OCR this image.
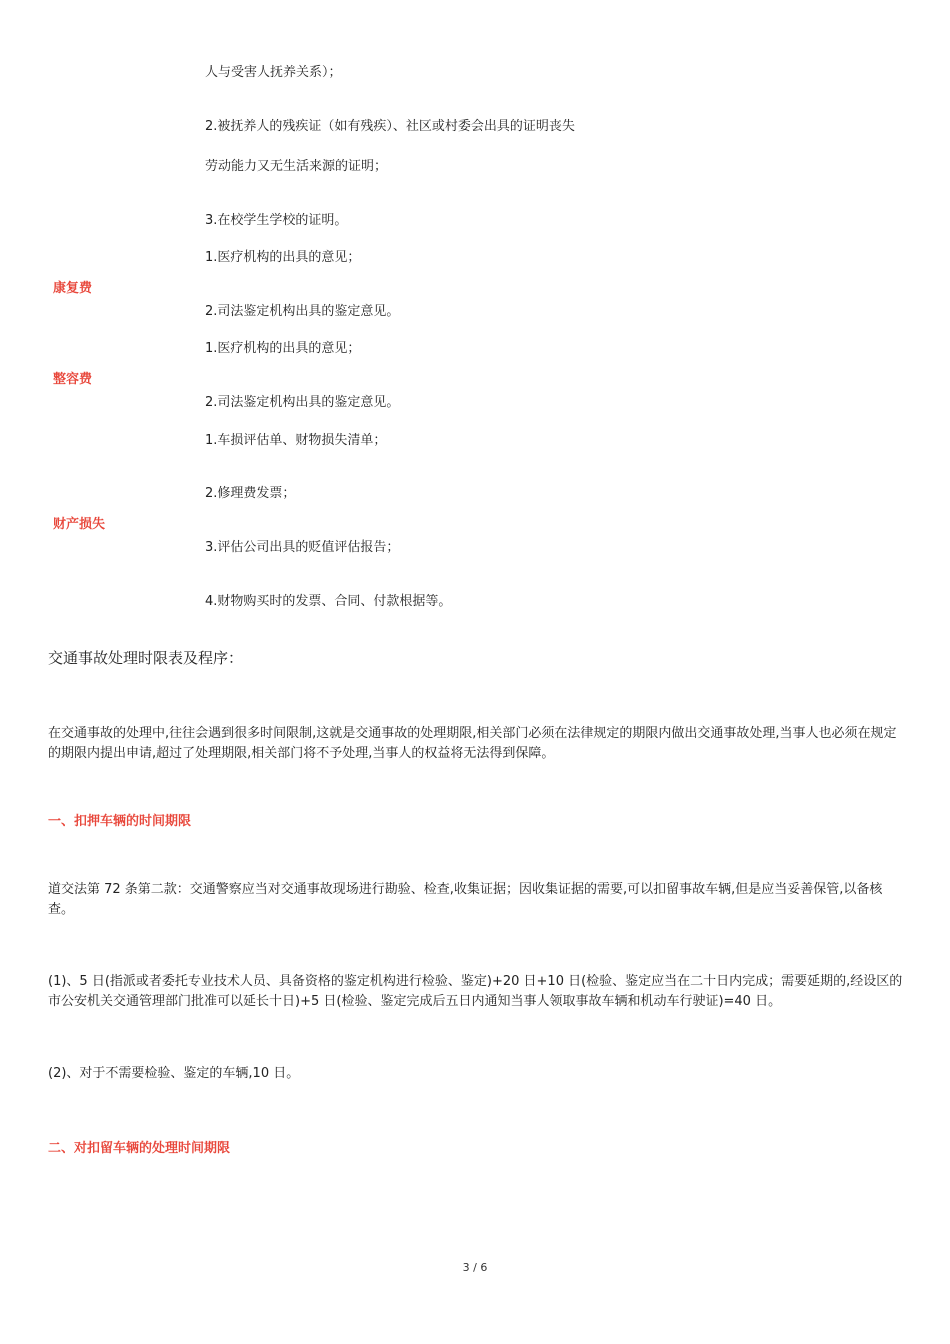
人与受害人抚养关系）；
2.被抚养人的残疾证（如有残疾）、社区或村委会出具的证明丧失
劳动能力又无生活来源的证明；
3.在校学生学校的证明。
1.医疗机构的出具的意见；
康复费
2.司法鉴定机构出具的鉴定意见。
1.医疗机构的出具的意见；
整容费
2.司法鉴定机构出具的鉴定意见。
1.车损评估单、财物损失清单；
2.修理费发票；
财产损失
3.评估公司出具的贬值评估报告；
4.财物购买时的发票、合同、付款根据等。
交通事故处理时限表及程序：
在交通事故的处理中,往往会遇到很多时间限制,这就是交通事故的处理期限,相关部门必须在法律规定的期限内做出交通事故处理,当事人也必须在规定的期限内提出申请,超过了处理期限,相关部门将不予处理,当事人的权益将无法得到保障。
一、扣押车辆的时间期限
道交法第 72 条第二款：交通警察应当对交通事故现场进行勘验、检查,收集证据；因收集证据的需要,可以扣留事故车辆,但是应当妥善保管,以备核查。
(1)、5 日(指派或者委托专业技术人员、具备资格的鉴定机构进行检验、鉴定)+20 日+10 日(检验、鉴定应当在二十日内完成；需要延期的,经设区的市公安机关交通管理部门批准可以延长十日)+5 日(检验、鉴定完成后五日内通知当事人领取事故车辆和机动车行驶证)=40 日。
(2)、对于不需要检验、鉴定的车辆,10 日。
二、对扣留车辆的处理时间期限
3 / 6
